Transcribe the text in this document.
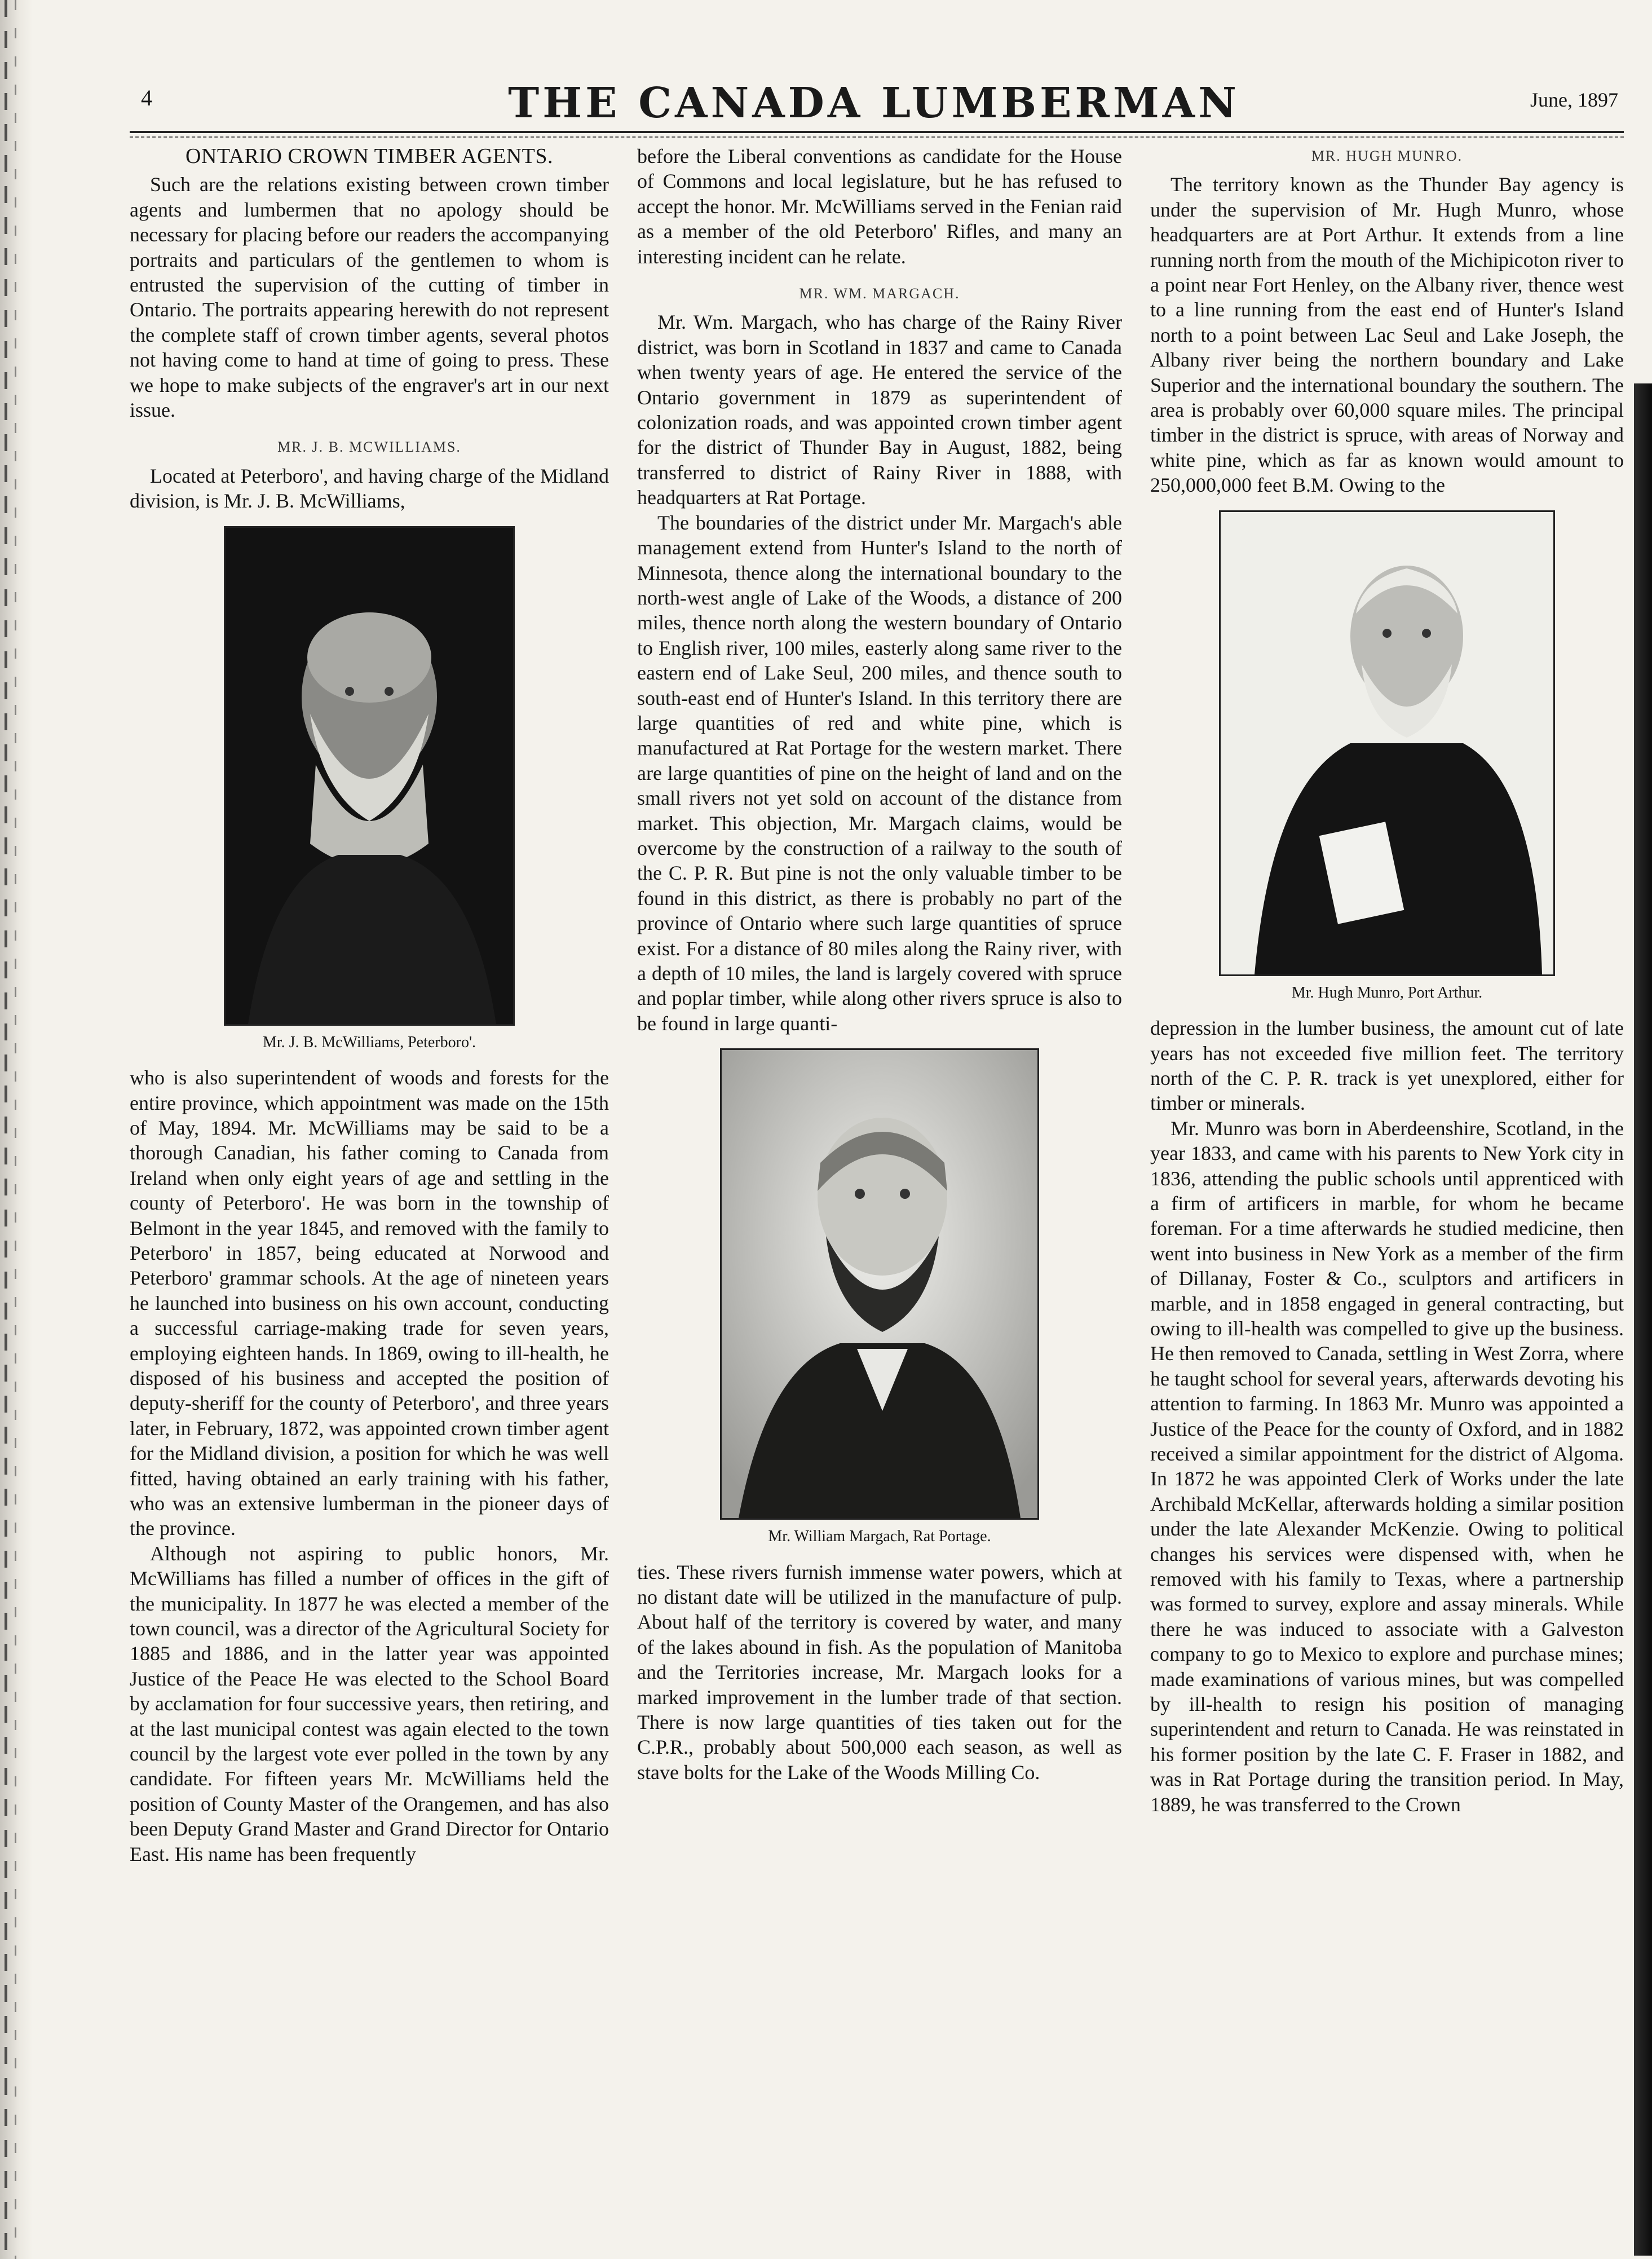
4	THE CANADA LUMBERMAN	June, 1897
ONTARIO CROWN TIMBER AGENTS.

Such are the relations existing between crown timber agents and lumbermen that no apology should be necessary for placing before our readers the accompanying portraits and particulars of the gentlemen to whom is entrusted the supervision of the cutting of timber in Ontario. The portraits appearing herewith do not represent the complete staff of crown timber agents, several photos not having come to hand at time of going to press. These we hope to make subjects of the engraver's art in our next issue.

MR. J. B. MCWILLIAMS.

Located at Peterboro', and having charge of the Midland division, is Mr. J. B. McWilliams,

Mr. J. B. McWilliams, Peterboro'.

who is also superintendent of woods and forests for the entire province, which appointment was made on the 15th of May, 1894. Mr. McWilliams may be said to be a thorough Canadian, his father coming to Canada from Ireland when only eight years of age and settling in the county of Peterboro'. He was born in the township of Belmont in the year 1845, and removed with the family to Peterboro' in 1857, being educated at Norwood and Peterboro' grammar schools. At the age of nineteen years he launched into business on his own account, conducting a successful carriage-making trade for seven years, employing eighteen hands. In 1869, owing to ill-health, he disposed of his business and accepted the position of deputy-sheriff for the county of Peterboro', and three years later, in February, 1872, was appointed crown timber agent for the Midland division, a position for which he was well fitted, having obtained an early training with his father, who was an extensive lumberman in the pioneer days of the province.

Although not aspiring to public honors, Mr. McWilliams has filled a number of offices in the gift of the municipality. In 1877 he was elected a member of the town council, was a director of the Agricultural Society for 1885 and 1886, and in the latter year was appointed Justice of the Peace He was elected to the School Board by acclamation for four successive years, then retiring, and at the last municipal contest was again elected to the town council by the largest vote ever polled in the town by any candidate. For fifteen years Mr. McWilliams held the position of County Master of the Orangemen, and has also been Deputy Grand Master and Grand Director for Ontario East. His name has been frequently

before the Liberal conventions as candidate for the House of Commons and local legislature, but he has refused to accept the honor. Mr. McWilliams served in the Fenian raid as a member of the old Peterboro' Rifles, and many an interesting incident can he relate.

MR. WM. MARGACH.

Mr. Wm. Margach, who has charge of the Rainy River district, was born in Scotland in 1837 and came to Canada when twenty years of age. He entered the service of the Ontario government in 1879 as superintendent of colonization roads, and was appointed crown timber agent for the district of Thunder Bay in August, 1882, being transferred to district of Rainy River in 1888, with headquarters at Rat Portage.

The boundaries of the district under Mr. Margach's able management extend from Hunter's Island to the north of Minnesota, thence along the international boundary to the north-west angle of Lake of the Woods, a distance of 200 miles, thence north along the western boundary of Ontario to English river, 100 miles, easterly along same river to the eastern end of Lake Seul, 200 miles, and thence south to south-east end of Hunter's Island. In this territory there are large quantities of red and white pine, which is manufactured at Rat Portage for the western market. There are large quantities of pine on the height of land and on the small rivers not yet sold on account of the distance from market. This objection, Mr. Margach claims, would be overcome by the construction of a railway to the south of the C. P. R. But pine is not the only valuable timber to be found in this district, as there is probably no part of the province of Ontario where such large quantities of spruce exist. For a distance of 80 miles along the Rainy river, with a depth of 10 miles, the land is largely covered with spruce and poplar timber, while along other rivers spruce is also to be found in large quanti-

Mr. William Margach, Rat Portage.

ties. These rivers furnish immense water powers, which at no distant date will be utilized in the manufacture of pulp. About half of the territory is covered by water, and many of the lakes abound in fish. As the population of Manitoba and the Territories increase, Mr. Margach looks for a marked improvement in the lumber trade of that section. There is now large quantities of ties taken out for the C.P.R., probably about 500,000 each season, as well as stave bolts for the Lake of the Woods Milling Co.

MR. HUGH MUNRO.

The territory known as the Thunder Bay agency is under the supervision of Mr. Hugh Munro, whose headquarters are at Port Arthur. It extends from a line running north from the mouth of the Michipicoton river to a point near Fort Henley, on the Albany river, thence west to a line running from the east end of Hunter's Island north to a point between Lac Seul and Lake Joseph, the Albany river being the northern boundary and Lake Superior and the international boundary the southern. The area is probably over 60,000 square miles. The principal timber in the district is spruce, with areas of Norway and white pine, which as far as known would amount to 250,000,000 feet B.M. Owing to the

Mr. Hugh Munro, Port Arthur.

depression in the lumber business, the amount cut of late years has not exceeded five million feet. The territory north of the C. P. R. track is yet unexplored, either for timber or minerals.

Mr. Munro was born in Aberdeenshire, Scotland, in the year 1833, and came with his parents to New York city in 1836, attending the public schools until apprenticed with a firm of artificers in marble, for whom he became foreman. For a time afterwards he studied medicine, then went into business in New York as a member of the firm of Dillanay, Foster & Co., sculptors and artificers in marble, and in 1858 engaged in general contracting, but owing to ill-health was compelled to give up the business. He then removed to Canada, settling in West Zorra, where he taught school for several years, afterwards devoting his attention to farming. In 1863 Mr. Munro was appointed a Justice of the Peace for the county of Oxford, and in 1882 received a similar appointment for the district of Algoma. In 1872 he was appointed Clerk of Works under the late Archibald McKellar, afterwards holding a similar position under the late Alexander McKenzie. Owing to political changes his services were dispensed with, when he removed with his family to Texas, where a partnership was formed to survey, explore and assay minerals. While there he was induced to associate with a Galveston company to go to Mexico to explore and purchase mines; made examinations of various mines, but was compelled by ill-health to resign his position of managing superintendent and return to Canada. He was reinstated in his former position by the late C. F. Fraser in 1882, and was in Rat Portage during the transition period. In May, 1889, he was transferred to the Crown
